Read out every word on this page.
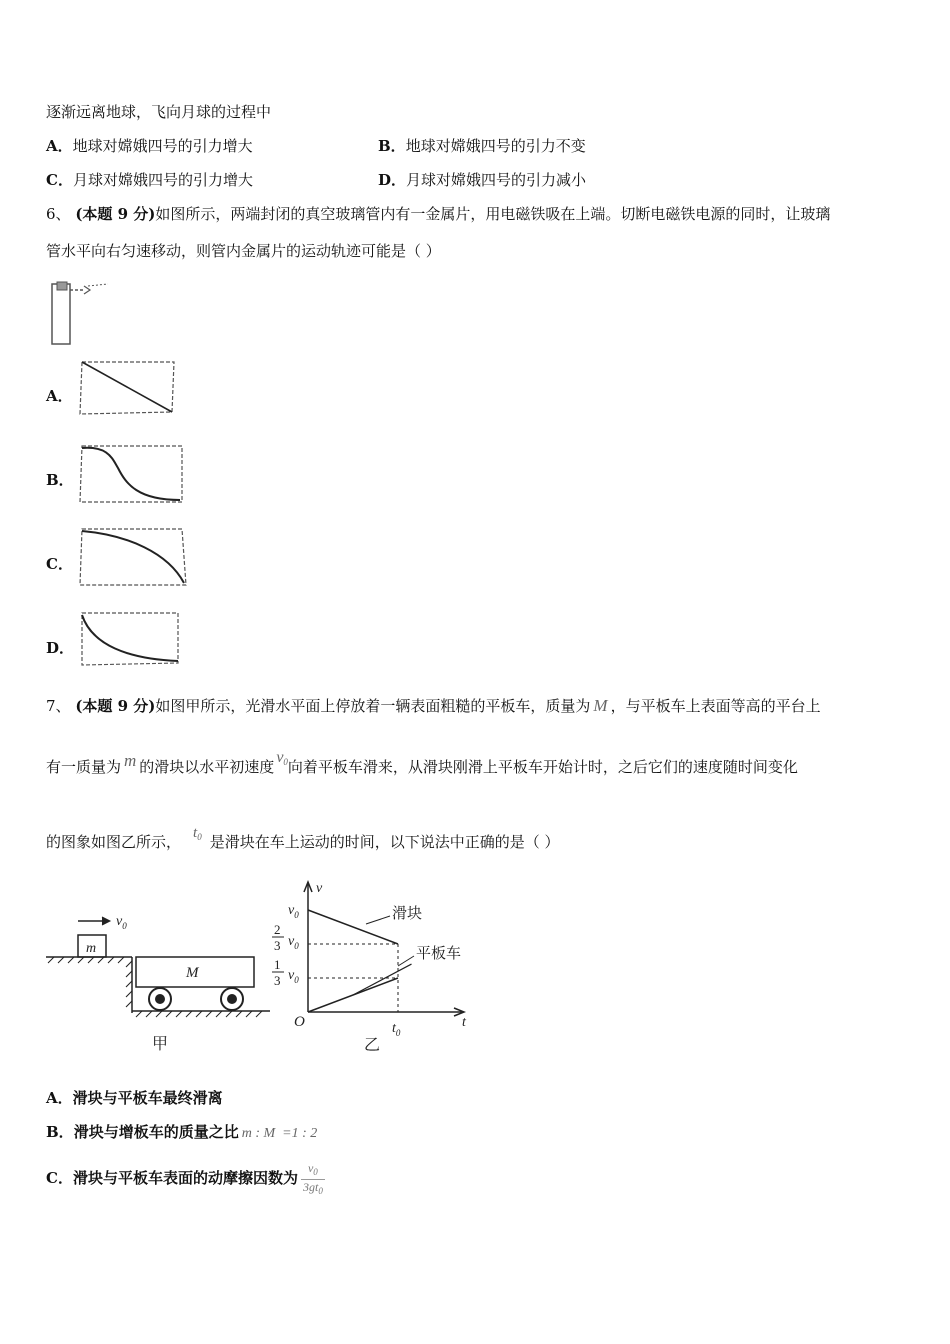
逐渐远离地球，飞向月球的过程中
A．地球对嫦娥四号的引力增大	B．地球对嫦娥四号的引力不变
C．月球对嫦娥四号的引力增大	D．月球对嫦娥四号的引力减小
6、 (本题 9 分)如图所示，两端封闭的真空玻璃管内有一金属片，用电磁铁吸在上端。切断电磁铁电源的同时，让玻璃
管水平向右匀速移动，则管内金属片的运动轨迹可能是（ ）
A．
B．
C．
D．
7、 (本题 9 分)如图甲所示，光滑水平面上停放着一辆表面粗糙的平板车，质量为 M ，与平板车上表面等高的平台上
有一质量为 m 的滑块以水平初速度$v_0$向着平板车滑来，从滑块刚滑上平板车开始计时，之后它们的速度随时间变化
的图象如图乙所示， $t_0$ 是滑块在车上运动的时间，以下说法中正确的是（ ）
$v_0$
m
M
甲
v
t
O
$v_0$
2
3 $v_0$
1
3 $v_0$
$t_0$
滑块
平板车
乙
A．滑块与平板车最终滑离
B．滑块与增板车的质量之比 m : M  =1 : 2
C．滑块与平板车表面的动摩擦因数为 $\frac{v_0}{3gt_0}$
